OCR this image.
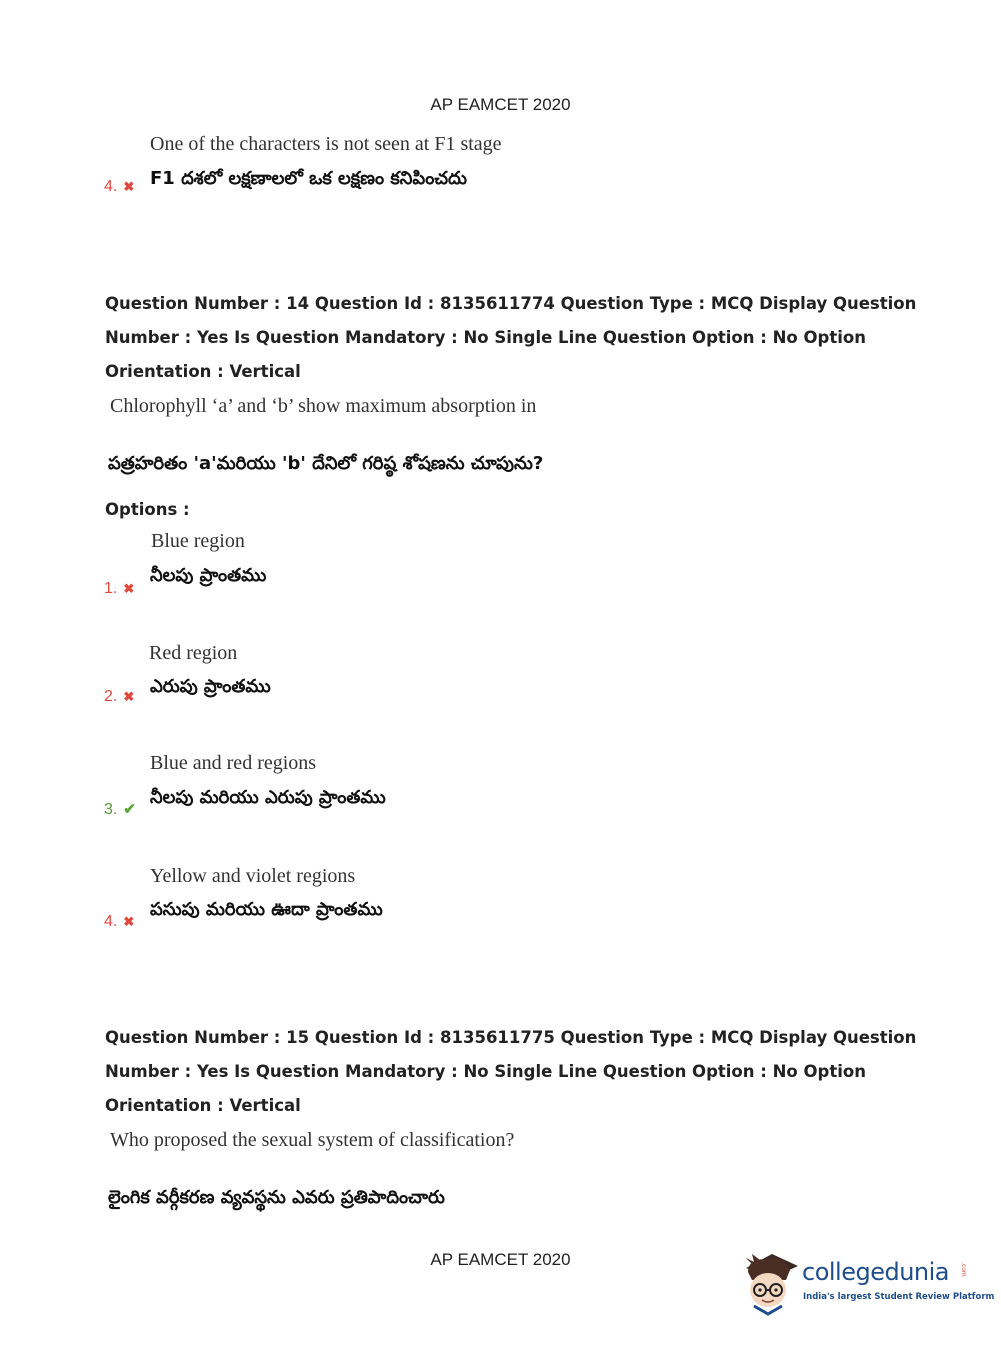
AP EAMCET 2020
One of the characters is not seen at F1 stage
F1 దశలో లక్షణాలలో ఒక లక్షణం కనిపించదు
4. ✖
Question Number : 14 Question Id : 8135611774 Question Type : MCQ Display Question
Number : Yes Is Question Mandatory : No Single Line Question Option : No Option
Orientation : Vertical
Chlorophyll ‘a’ and ‘b’ show maximum absorption in
పత్రహరితం 'a'మరియు 'b' దేనిలో గరిష్ఠ శోషణను చూపును?
Options :
Blue region
నీలపు ప్రాంతము
1. ✖
Red region
ఎరుపు ప్రాంతము
2. ✖
Blue and red regions
నీలపు మరియు ఎరుపు ప్రాంతము
3. ✔
Yellow and violet regions
పసుపు మరియు ఊదా ప్రాంతము
4. ✖
Question Number : 15 Question Id : 8135611775 Question Type : MCQ Display Question
Number : Yes Is Question Mandatory : No Single Line Question Option : No Option
Orientation : Vertical
Who proposed the sexual system of classification?
లైంగిక వర్గీకరణ వ్యవస్థను ఎవరు ప్రతిపాదించారు
AP EAMCET 2020	collegedunia .com
India's largest Student Review Platform
